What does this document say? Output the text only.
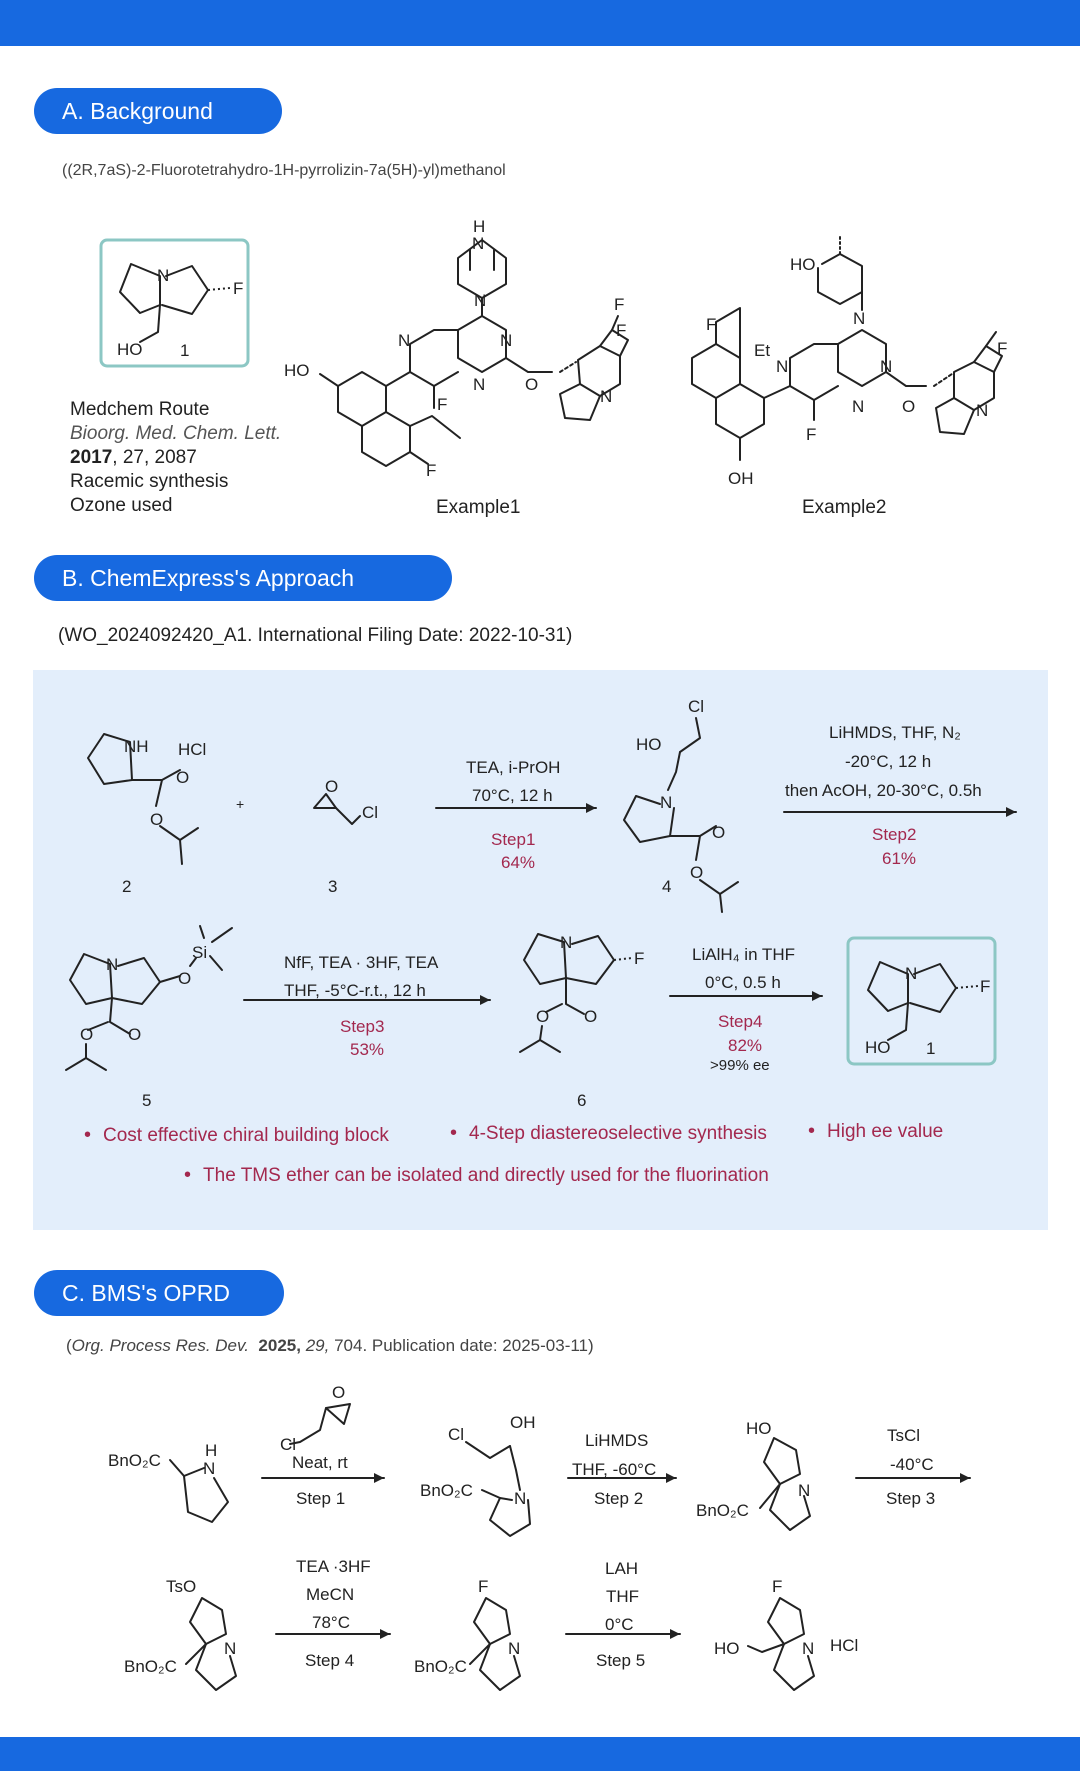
A. Background
((2R,7aS)-2-Fluorotetrahydro-1H-pyrrolizin-7a(5H)-yl)methanol
Medchem Route
Bioorg. Med. Chem. Lett.
2017, 27, 2087
Racemic synthesis
Ozone used	Example1	Example2
B. ChemExpress's Approach
(WO_2024092420_A1. International Filing Date: 2022-10-31)
TEA, i-PrOH
70°C, 12 h
Step1
64%
LiHMDS, THF, N₂
-20°C, 12 h
then AcOH, 20-30°C, 0.5h
Step2
61%
NfF, TEA · 3HF, TEA
THF, -5°C-r.t., 12 h
Step3
53%
LiAlH₄ in THF
0°C, 0.5 h
Step4
82%
>99% ee
2	3	4
5	6
HCl
+
• Cost effective chiral building block	• 4-Step diastereoselective synthesis	• High ee value
• The TMS ether can be isolated and directly used for the fluorination
C. BMS's OPRD
(Org. Process Res. Dev. 2025, 29, 704. Publication date: 2025-03-11)
Neat, rt
Step 1
LiHMDS
THF, -60°C
Step 2
TsCl
-40°C
Step 3
TEA ·3HF
MeCN
78°C
Step 4
LAH
THF
0°C
Step 5
HCl
N
HO
F
1
H
N
N
N	N
N O
N
F
F
F
HO
F
HO
N
N	N
N O	N
F
F
F
Et
OH
NH
O
O
O
Cl
Cl
HO
N
O
O
N
O
Si
O
O
N
F
O
O
N
HO
F
1
BnO₂C
H
N
O
Cl
Cl
OH
N
BnO₂C
HO
N
BnO₂C
TsO
N
BnO₂C
F
N
BnO₂C
F
N
HO
